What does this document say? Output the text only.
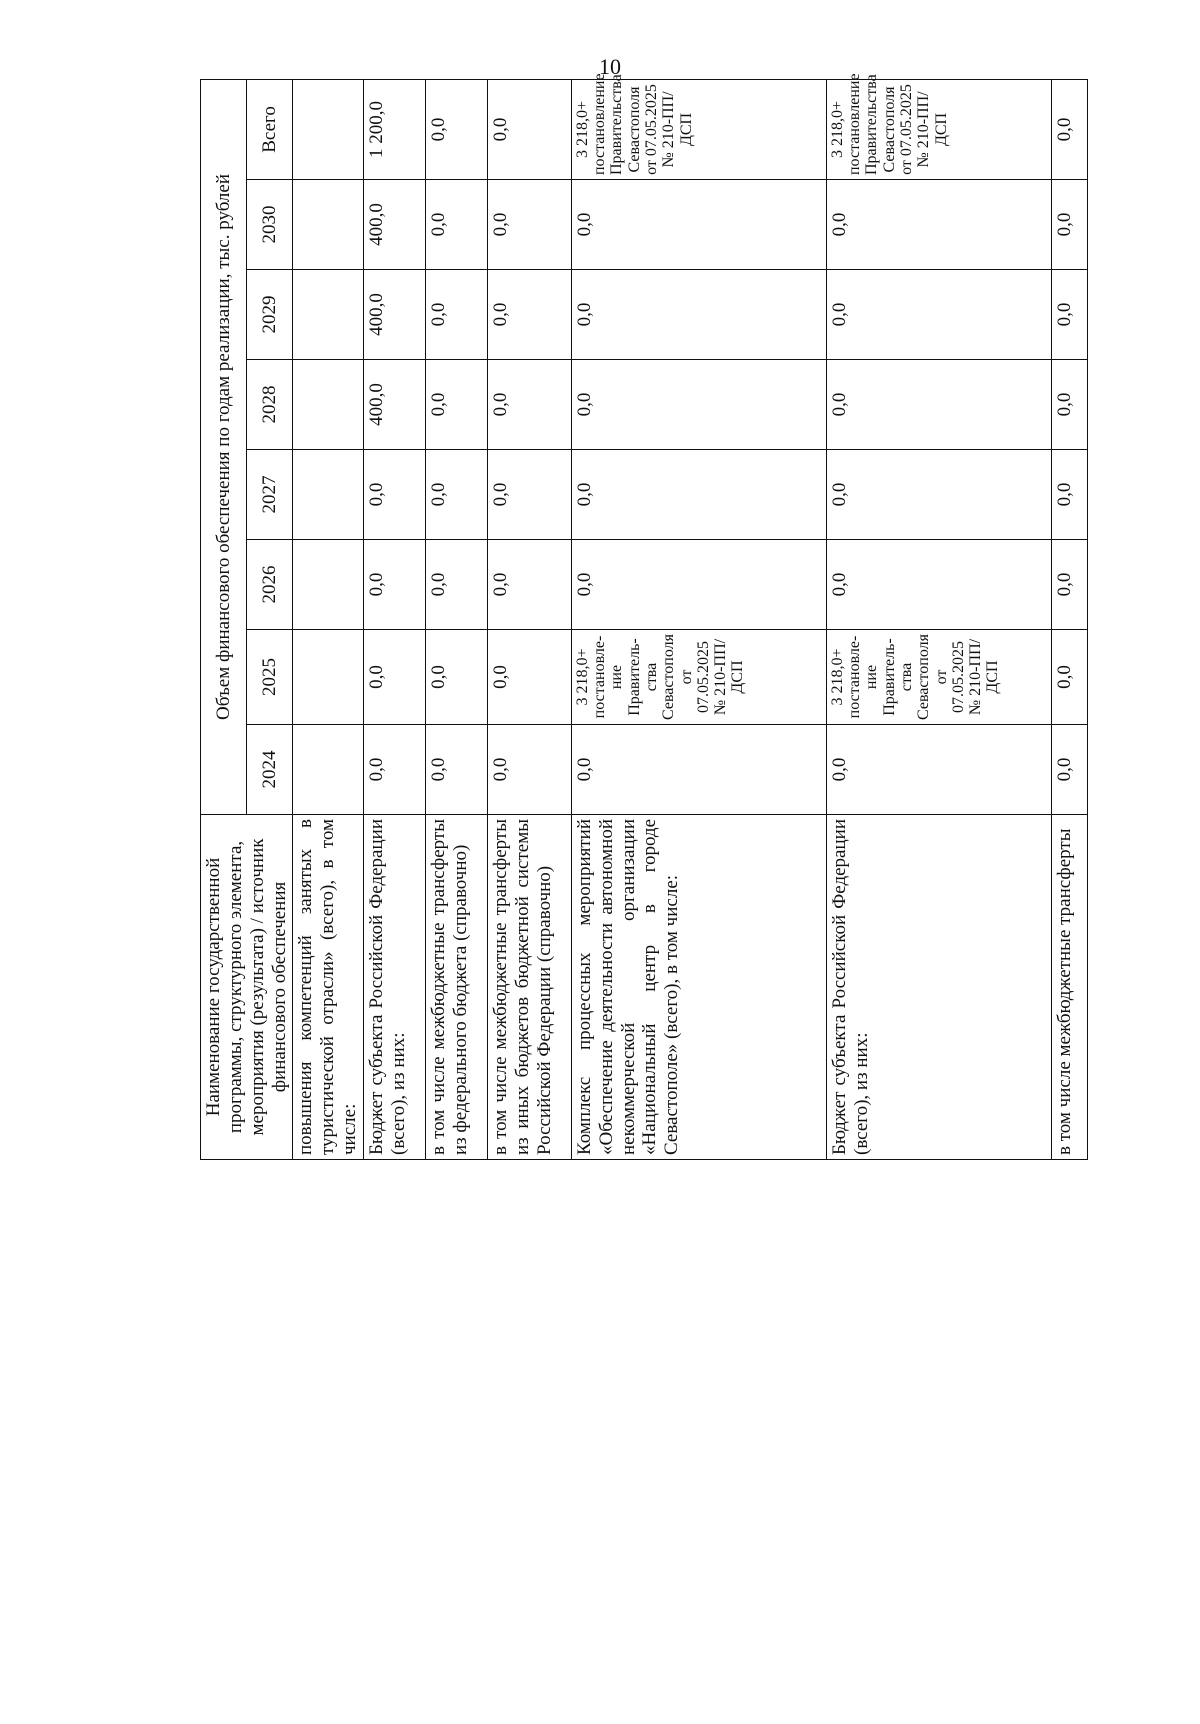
10
Наименование государственной программы, структурного элемента, мероприятия (результата) / источник финансового обеспечения	Объем финансового обеспечения по годам реализации, тыс. рублей							
	2024	2025	2026	2027	2028	2029	2030	Всего
повышения компетенций занятых в туристической отрасли» (всего), в том числе:								
Бюджет субъекта Российской Федерации (всего), из них:	0,0	0,0	0,0	0,0	400,0	400,0	400,0	1 200,0
в том числе межбюджетные трансферты из федерального бюджета (справочно)	0,0	0,0	0,0	0,0	0,0	0,0	0,0	0,0
в том числе межбюджетные трансферты из иных бюджетов бюджетной системы Российской Федерации (справочно)	0,0	0,0	0,0	0,0	0,0	0,0	0,0	0,0
Комплекс процессных мероприятий «Обеспечение деятельности автономной некоммерческой организации «Национальный центр в городе Севастополе» (всего), в том числе:	0,0	3 218,0+ постановле- ние Правитель- ства Севастополя от 07.05.2025 № 210-ПП/ДСП	0,0	0,0	0,0	0,0	0,0	3 218,0+ постановление Правительства Севастополя от 07.05.2025 № 210-ПП/ДСП
Бюджет субъекта Российской Федерации (всего), из них:	0,0	3 218,0+ постановле- ние Правитель- ства Севастополя от 07.05.2025 № 210-ПП/ДСП	0,0	0,0	0,0	0,0	0,0	3 218,0+ постановление Правительства Севастополя от 07.05.2025 № 210-ПП/ДСП
в том числе межбюджетные трансферты	0,0	0,0	0,0	0,0	0,0	0,0	0,0	0,0
